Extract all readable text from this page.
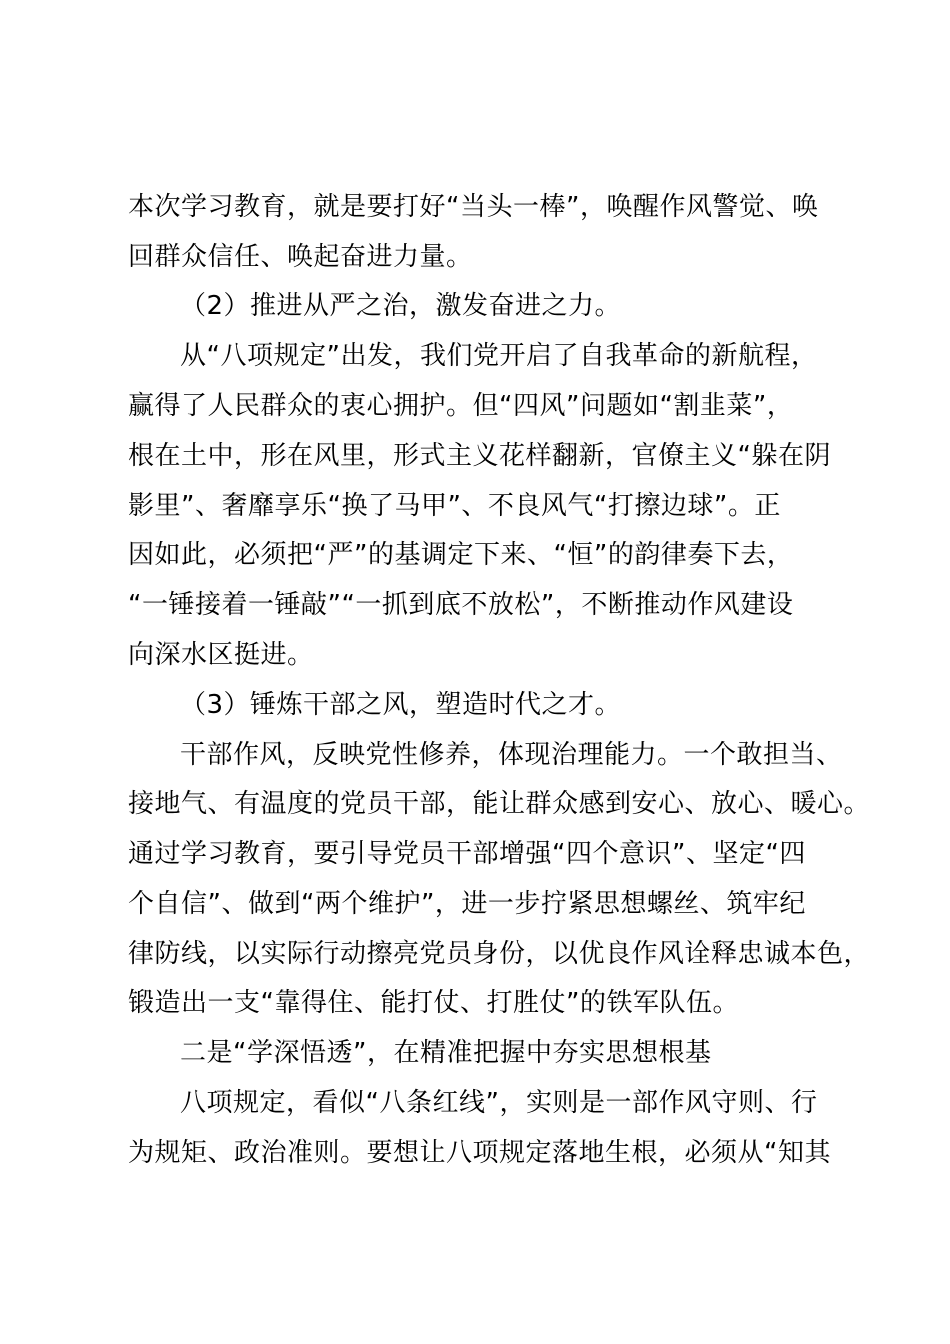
本次学习教育，就是要打好“当头一棒”，唤醒作风警觉、唤
回群众信任、唤起奋进力量。
（2）推进从严之治，激发奋进之力。
从“八项规定”出发，我们党开启了自我革命的新航程，
赢得了人民群众的衷心拥护。但“四风”问题如“割韭菜”，
根在土中，形在风里，形式主义花样翻新，官僚主义“躲在阴
影里”、奢靡享乐“换了马甲”、不良风气“打擦边球”。正
因如此，必须把“严”的基调定下来、“恒”的韵律奏下去，
“一锤接着一锤敲”“一抓到底不放松”，不断推动作风建设
向深水区挺进。
（3）锤炼干部之风，塑造时代之才。
干部作风，反映党性修养，体现治理能力。一个敢担当、
接地气、有温度的党员干部，能让群众感到安心、放心、暖心。
通过学习教育，要引导党员干部增强“四个意识”、坚定“四
个自信”、做到“两个维护”，进一步拧紧思想螺丝、筑牢纪
律防线，以实际行动擦亮党员身份，以优良作风诠释忠诚本色，
锻造出一支“靠得住、能打仗、打胜仗”的铁军队伍。
二是“学深悟透”，在精准把握中夯实思想根基
八项规定，看似“八条红线”，实则是一部作风守则、行
为规矩、政治准则。要想让八项规定落地生根，必须从“知其
